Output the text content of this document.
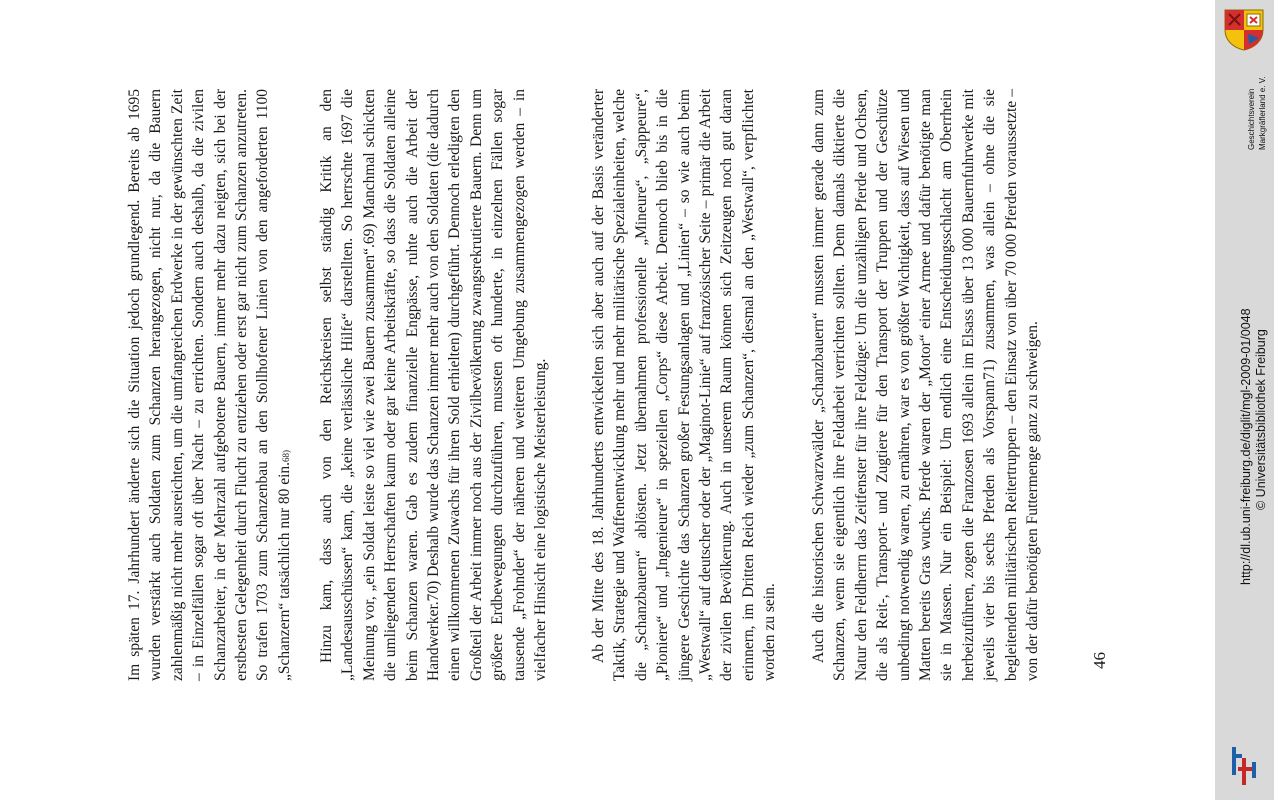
Im späten 17. Jahrhundert änderte sich die Situation jedoch grundlegend. Bereits ab 1695 wurden verstärkt auch Soldaten zum Schanzen herangezogen, nicht nur, da die Bauern zahlenmäßig nicht mehr ausreichten, um die umfangreichen Erdwerke in der gewünschten Zeit – in Einzelfällen sogar oft über Nacht – zu errichten. Sondern auch deshalb, da die zivilen Schanzarbeiter, in der Mehrzahl aufgebotene Bauern, immer mehr dazu neigten, sich bei der erstbesten Gelegenheit durch Flucht zu entziehen oder erst gar nicht zum Schanzen anzutreten. So trafen 1703 zum Schanzenbau an den Stollhofener Linien von den angeforderten 1100 „Schanzern“ tatsächlich nur 80 ein.68)	Hinzu kam, dass auch von den Reichskreisen selbst ständig Kritik an den „Landesausschüssen“ kam, die „keine verlässliche Hilfe“ darstellten. So herrschte 1697 die Meinung vor, „ein Soldat leiste so viel wie zwei Bauern zusammen“.69) Manchmal schickten die umliegenden Herrschaften kaum oder gar keine Arbeitskräfte, so dass die Soldaten alleine beim Schanzen waren. Gab es zudem finanzielle Engpässe, ruhte auch die Arbeit der Handwerker.70) Deshalb wurde das Schanzen immer mehr auch von den Soldaten (die dadurch einen willkommenen Zuwachs für ihren Sold erhielten) durchgeführt. Dennoch erledigten den Großteil der Arbeit immer noch aus der Zivilbevölkerung zwangsrekrutierte Bauern. Denn um größere Erdbewegungen durchzuführen, mussten oft hunderte, in einzelnen Fällen sogar tausende „Frohnder“ der näheren und weiteren Umgebung zusammengezogen werden – in vielfacher Hinsicht eine logistische Meisterleistung.	Ab der Mitte des 18. Jahrhunderts entwickelten sich aber auch auf der Basis veränderter Taktik, Strategie und Waffenentwicklung mehr und mehr militärische Spezialeinheiten, welche die „Schanzbauern“ ablösten. Jetzt übernahmen professionelle „Mineure“, „Sappeure“, „Pioniere“ und „Ingenieure“ in speziellen „Corps“ diese Arbeit. Dennoch blieb bis in die jüngere Geschichte das Schanzen großer Festungsanlagen und „Linien“ – so wie auch beim „Westwall“ auf deutscher oder der „Maginot-Linie“ auf französischer Seite – primär die Arbeit der zivilen Bevölkerung. Auch in unserem Raum können sich Zeitzeugen noch gut daran erinnern, im Dritten Reich wieder „zum Schanzen“, diesmal an den „Westwall“, verpflichtet worden zu sein. Auch die historischen Schwarzwälder „Schanzbauern“ mussten immer gerade dann zum Schanzen, wenn sie eigentlich ihre Feldarbeit verrichten sollten. Denn damals diktierte die Natur den Feldherrn das Zeitfenster für ihre Feldzüge: Um die unzähligen Pferde und Ochsen, die als Reit-, Transport- und Zugtiere für den Transport der Truppen und der Geschütze unbedingt notwendig waren, zu ernähren, war es von größter Wichtigkeit, dass auf Wiesen und Matten bereits Gras wuchs. Pferde waren der „Motor“ einer Armee und dafür benötigte man sie in Massen. Nur ein Beispiel: Um endlich eine Entscheidungsschlacht am Oberrhein herbeizuführen, zogen die Franzosen 1693 allein im Elsass über 13 000 Bauernfuhrwerke mit jeweils vier bis sechs Pferden als Vorspann71) zusammen, was allein – ohne die sie begleitenden militärischen Reitertruppen – den Einsatz von über 70 000 Pferden voraussetzte – von der dafür benötigten Futtermenge ganz zu schweigen.	46
http://dl.ub.uni-freiburg.de/diglit/mgl-2009-01/0048 © Universitätsbibliothek Freiburg
Geschichtsverein Markgräflerland e. V.
